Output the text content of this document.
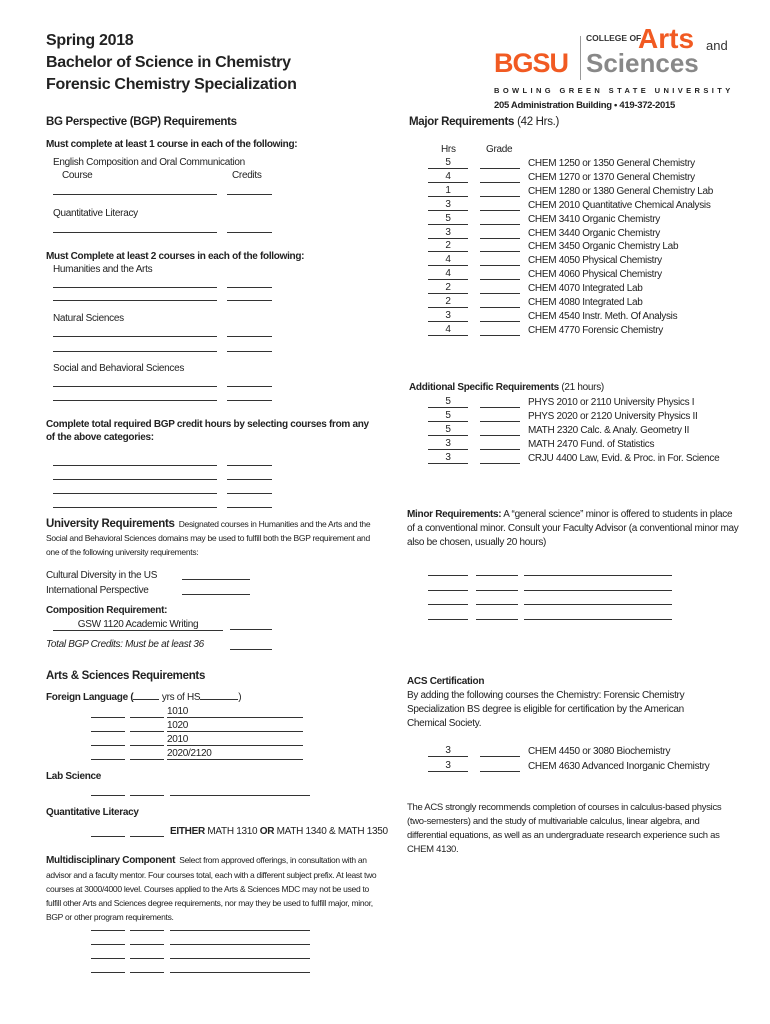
Spring 2018
Bachelor of Science in Chemistry
Forensic Chemistry Specialization
BGSU
COLLEGE OF
Arts and
Sciences
BOWLING GREEN STATE UNIVERSITY
205 Administration Building • 419-372-2015
BG Perspective (BGP) Requirements
Must complete at least 1 course in each of the following:
English Composition and Oral Communication
Course	Credits
Quantitative Literacy
Must Complete at least 2 courses in each of the following:
Humanities and the Arts
Natural Sciences
Social and Behavioral Sciences
Complete total required BGP credit hours by selecting courses from any of the above categories:
University Requirements Designated courses in Humanities and the Arts and the Social and Behavioral Sciences domains may be used to fulfill both the BGP requirement and one of the following university requirements:
Cultural Diversity in the US
International Perspective
Composition Requirement:
GSW 1120 Academic Writing
Total BGP Credits: Must be at least 36
Arts & Sciences Requirements
Foreign Language (	yrs of HS	)
1010
1020
2010
2020/2120
Lab Science
Quantitative Literacy
EITHER MATH 1310 OR MATH 1340 & MATH 1350
Multidisciplinary Component Select from approved offerings, in consultation with an advisor and a faculty mentor. Four courses total, each with a different subject prefix. At least two courses at 3000/4000 level. Courses applied to the Arts & Sciences MDC may not be used to fulfill other Arts and Sciences degree requirements, nor may they be used to fulfill major, minor, BGP or other program requirements.
Major Requirements (42 Hrs.)
Hrs	Grade
5	CHEM 1250 or 1350 General Chemistry
4	CHEM 1270 or 1370 General Chemistry
1	CHEM 1280 or 1380 General Chemistry Lab
3	CHEM 2010 Quantitative Chemical Analysis
5	CHEM 3410 Organic Chemistry
3	CHEM 3440 Organic Chemistry
2	CHEM 3450 Organic Chemistry Lab
4	CHEM 4050 Physical Chemistry
4	CHEM 4060 Physical Chemistry
2	CHEM 4070 Integrated Lab
2	CHEM 4080 Integrated Lab
3	CHEM 4540 Instr. Meth. Of Analysis
4	CHEM 4770 Forensic Chemistry
Additional Specific Requirements (21 hours)
5	PHYS 2010 or 2110 University Physics I
5	PHYS 2020 or 2120 University Physics II
5	MATH 2320 Calc. & Analy. Geometry II
3	MATH 2470 Fund. of Statistics
3	CRJU 4400 Law, Evid. & Proc. in For. Science
Minor Requirements: A “general science” minor is offered to students in place of a conventional minor. Consult your Faculty Advisor (a conventional minor may also be chosen, usually 20 hours)
ACS Certification
By adding the following courses the Chemistry: Forensic Chemistry Specialization BS degree is eligible for certification by the American Chemical Society.
3	CHEM 4450 or 3080 Biochemistry
3	CHEM 4630 Advanced Inorganic Chemistry
The ACS strongly recommends completion of courses in calculus-based physics (two-semesters) and the study of multivariable calculus, linear algebra, and differential equations, as well as an undergraduate research experience such as CHEM 4130.
